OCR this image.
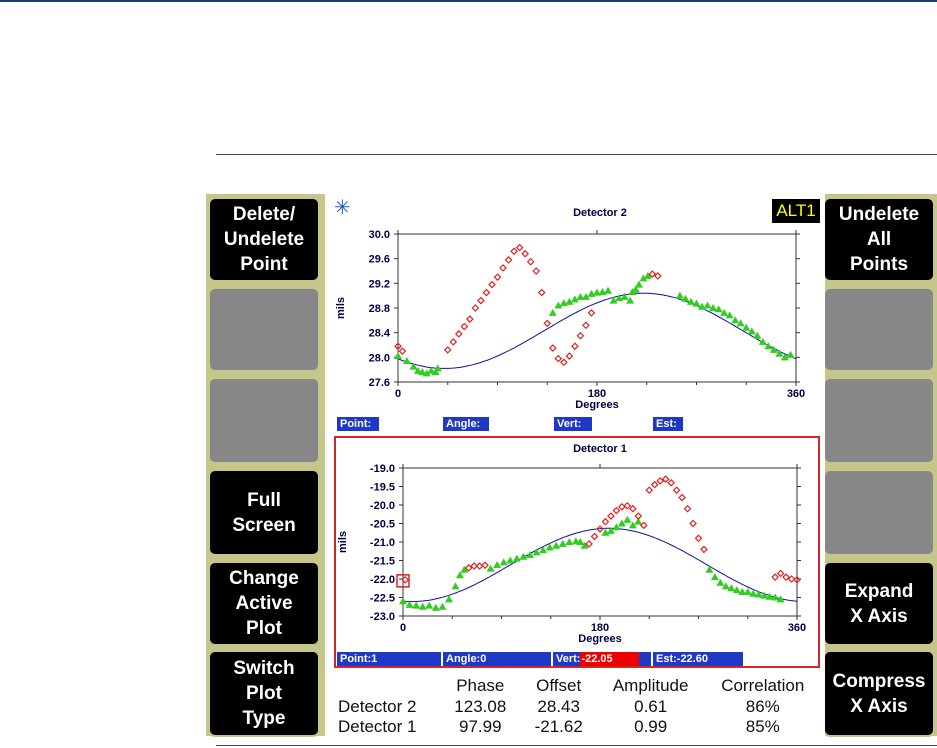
Delete/
Undelete
Point
Full
Screen
Change
Active
Plot
Switch
Plot
Type
Undelete
All
Points
Expand
X Axis
Compress
X Axis
✳	Detector 2	ALT1
30.0
29.6
29.2
28.8
28.4
28.0
27.6
0	180	360
Degrees
mils
Point:	Angle:	Vert:	Est:
Detector 1
-19.0
-19.5
-20.0
-20.5
-21.0
-21.5
-22.0
-22.5
-23.0
0	180	360
Degrees
mils
Point:1	Angle:0	Vert:-22.05	Est:-22.60
	Phase	Offset	Amplitude	Correlation
Detector 2	123.08	28.43	0.61	86%
Detector 1	97.99	-21.62	0.99	85%
